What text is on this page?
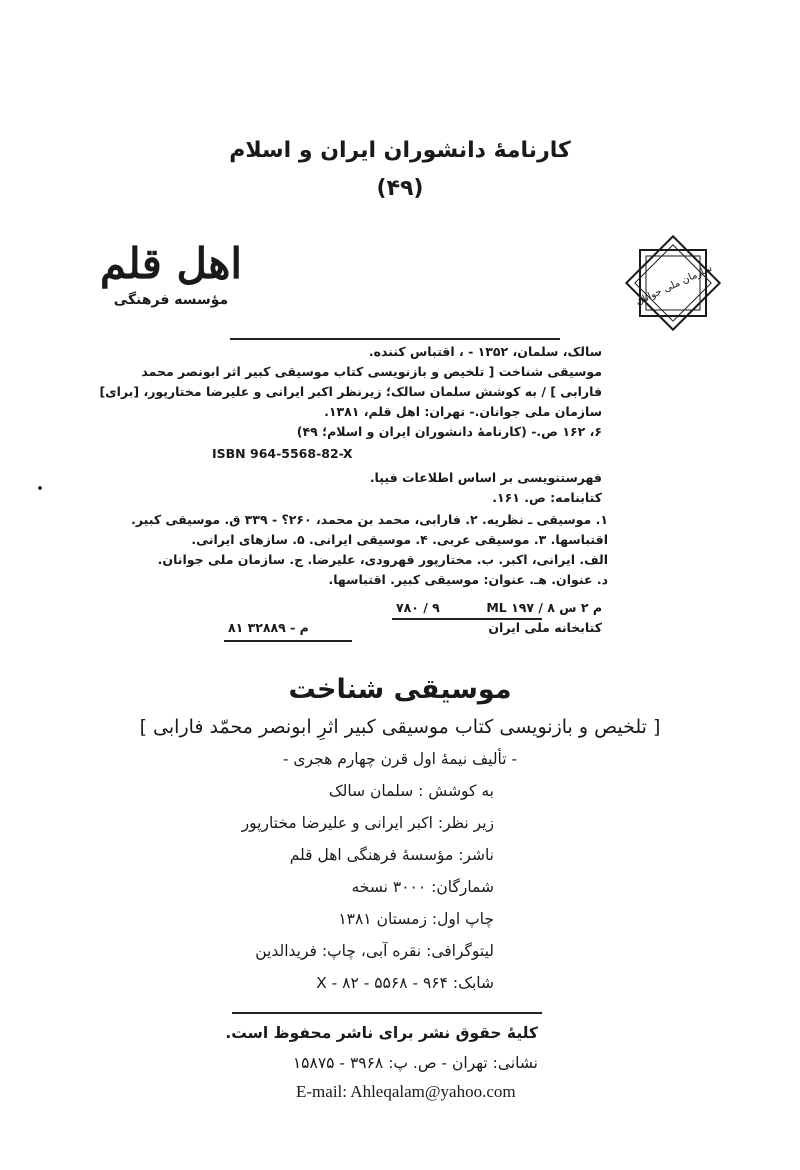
کارنامۀ دانشوران ایران و اسلام
(۴۹)
اهل قلم
مؤسسه فرهنگی	سازمان ملی جوانان
سالک، سلمان، ۱۳۵۲ - ، اقتباس کننده.
موسیقی شناخت [ تلخیص و بازنویسی کتاب موسیقی کبیر اثر ابونصر محمد
فارابی ] / به کوشش سلمان سالک؛ زیرنظر اکبر ایرانی و علیرضا مختارپور، [برای]
سازمان ملی جوانان.- تهران: اهل قلم، ۱۳۸۱.
۶، ۱۶۲ ص.- (کارنامۀ دانشوران ایران و اسلام؛ ۴۹)
ISBN 964-5568-82-X
فهرستنویسی بر اساس اطلاعات فیپا.
کتابنامه: ص. ۱۶۱.
۱. موسیقی ـ نظریه. ۲. فارابی، محمد بن محمد، ۲۶۰؟ - ۳۳۹ ق. موسیقی کبیر.
اقتباسها. ۳. موسیقی عربی. ۴. موسیقی ایرانی. ۵. سازهای ایرانی.
الف. ایرانی، اکبر. ب. مختارپور قهرودی، علیرضا. ج. سازمان ملی جوانان.
د. عنوان. هـ. عنوان: موسیقی کبیر. اقتباسها.
ML ۱۹۷ / ۸ م ۲ س
۷۸۰ / ۹
کتابخانه ملی ایران
۸۱ م - ۳۲۸۸۹
موسیقی شناخت
[ تلخیص و بازنویسی کتاب موسیقی کبیر اثرِ ابونصر محمّد فارابی ]
- تألیف نیمۀ اول قرن چهارم هجری -
به کوشش : سلمان سالک
زیر نظر: اکبر ایرانی و علیرضا مختارپور
ناشر: مؤسسۀ فرهنگی اهل قلم
شمارگان: ۳۰۰۰ نسخه
چاپ اول: زمستان ۱۳۸۱
لیتوگرافی: نقره آبی، چاپ: فریدالدین
شابک: X - ۸۲ - ۵۵۶۸ - ۹۶۴
کلیۀ حقوق نشر برای ناشر محفوظ است.
نشانی: تهران - ص. پ: ۳۹۶۸ - ۱۵۸۷۵
E-mail: Ahleqalam@yahoo.com
